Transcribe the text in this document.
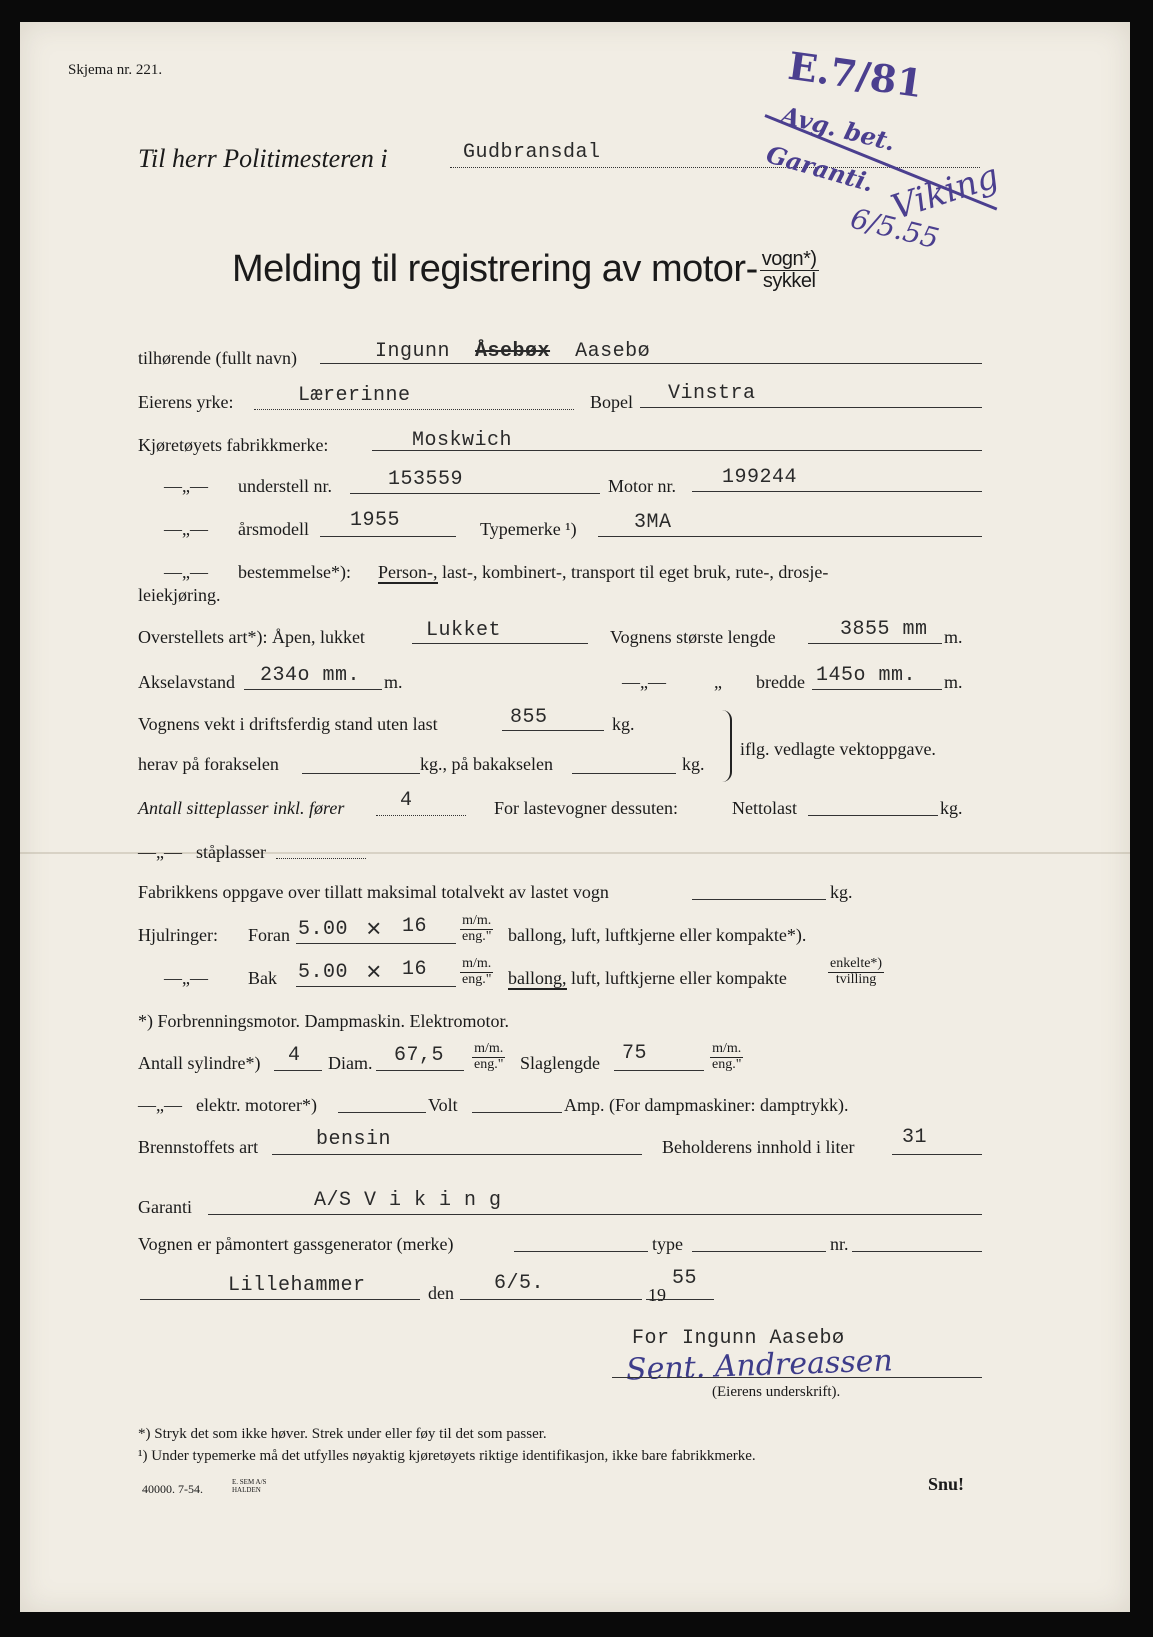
Skjema nr. 221.
Til herr Politimesteren i	Gudbransdal
E.7/81
Avg. bet.
Garanti. Viking
6/5.55
Melding til registrering av motor- $\frac{\text{vogn*)}}{\text{sykkel}}$
tilhørende (fullt navn)	Ingunn Åsebøx Aasebø
Eierens yrke:	Lærerinne	Bopel Vinstra
Kjøretøyets fabrikkmerke:	Moskwich
—„— understell nr.	153559	Motor nr. 199244
—„— årsmodell 1955	Typemerke ¹)	3MA
—„— bestemmelse*): Person-, last-, kombinert-, transport til eget bruk, rute-, drosje-
leiekjøring.
Overstellets art*): Åpen, lukket	Lukket	Vognens største lengde	3855 mm m.
Akselavstand 234o mm. m.	—„—	„ bredde 145o mm. m.
Vognens vekt i driftsferdig stand uten last	855	kg.
iflg. vedlagte vektoppgave.
herav på forakselen	kg., på bakakselen	kg.
Antall sitteplasser inkl. fører	4	For lastevogner dessuten:	Nettolast	kg.
—„— ståplasser
Fabrikkens oppgave over tillatt maksimal totalvekt av lastet vogn	kg.
Hjulringer: Foran $5.00 \times 16 \frac{m/m.}{\text{eng."}}$ ballong, luft, luftkjerne eller kompakte*).
—„— Bak $5.00 \times 16 \frac{m/m.}{\text{eng."}}$ ballong, luft, luftkjerne eller kompakte	$\frac{\text{enkelte*)}}{\text{tvilling}}$
*) Forbrenningsmotor. Dampmaskin. Elektromotor.
Antall sylindre*) 4 Diam. $67,5 \frac{m/m.}{\text{eng."}}$ Slaglengde 75	$\frac{m/m.}{\text{eng."}}$
—„— elektr. motorer*)	Volt	Amp. (For dampmaskiner: damptrykk).
Brennstoffets art	bensin	Beholderens innhold i liter 31
Garanti	A/S V i k i n g
Vognen er påmontert gassgenerator (merke)	type	nr.
Lillehammer	den 6/5.	19
55
For Ingunn Aasebø
Sent. Andreassen
(Eierens underskrift).
*) Stryk det som ikke høver. Strek under eller føy til det som passer.
¹) Under typemerke må det utfylles nøyaktig kjøretøyets riktige identifikasjon, ikke bare fabrikkmerke.
40000. 7-54.	E. SEM A/S HALDEN	Snu!
